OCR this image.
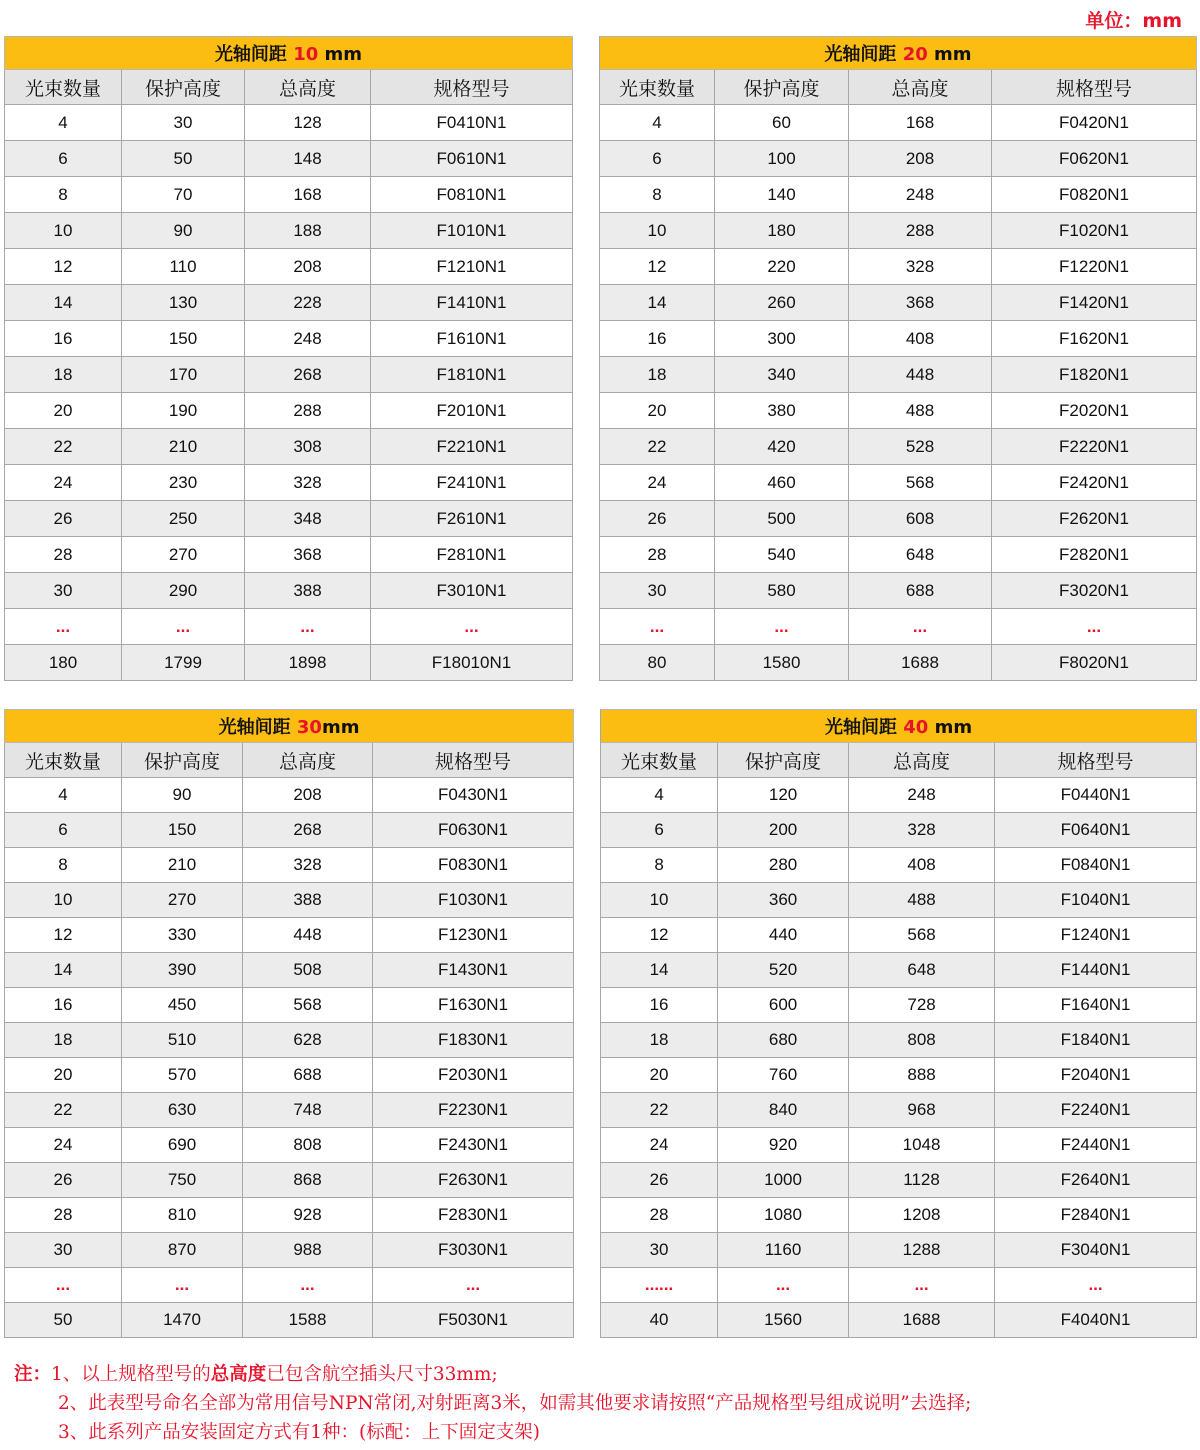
单位：mm
光轴间距 10 mm					光轴间距 20 mm			
光束数量	保护高度	总高度	规格型号		光束数量	保护高度	总高度	规格型号
4	30	128	F0410N1		4	60	168	F0420N1
6	50	148	F0610N1		6	100	208	F0620N1
8	70	168	F0810N1		8	140	248	F0820N1
10	90	188	F1010N1		10	180	288	F1020N1
12	110	208	F1210N1		12	220	328	F1220N1
14	130	228	F1410N1		14	260	368	F1420N1
16	150	248	F1610N1		16	300	408	F1620N1
18	170	268	F1810N1		18	340	448	F1820N1
20	190	288	F2010N1		20	380	488	F2020N1
22	210	308	F2210N1		22	420	528	F2220N1
24	230	328	F2410N1		24	460	568	F2420N1
26	250	348	F2610N1		26	500	608	F2620N1
28	270	368	F2810N1		28	540	648	F2820N1
30	290	388	F3010N1		30	580	688	F3020N1
...	...	...	...		...	...	...	...
180	1799	1898	F18010N1		80	1580	1688	F8020N1
光轴间距 30mm					光轴间距 40 mm			
光束数量	保护高度	总高度	规格型号		光束数量	保护高度	总高度	规格型号
4	90	208	F0430N1		4	120	248	F0440N1
6	150	268	F0630N1		6	200	328	F0640N1
8	210	328	F0830N1		8	280	408	F0840N1
10	270	388	F1030N1		10	360	488	F1040N1
12	330	448	F1230N1		12	440	568	F1240N1
14	390	508	F1430N1		14	520	648	F1440N1
16	450	568	F1630N1		16	600	728	F1640N1
18	510	628	F1830N1		18	680	808	F1840N1
20	570	688	F2030N1		20	760	888	F2040N1
22	630	748	F2230N1		22	840	968	F2240N1
24	690	808	F2430N1		24	920	1048	F2440N1
26	750	868	F2630N1		26	1000	1128	F2640N1
28	810	928	F2830N1		28	1080	1208	F2840N1
30	870	988	F3030N1		30	1160	1288	F3040N1
...	...	...	...		......	...	...	...
50	1470	1588	F5030N1		40	1560	1688	F4040N1
注：1、以上规格型号的总高度已包含航空插头尺寸33mm;
2、此表型号命名全部为常用信号NPN常闭,对射距离3米，如需其他要求请按照“产品规格型号组成说明”去选择;
3、此系列产品安装固定方式有1种：(标配：上下固定支架)
